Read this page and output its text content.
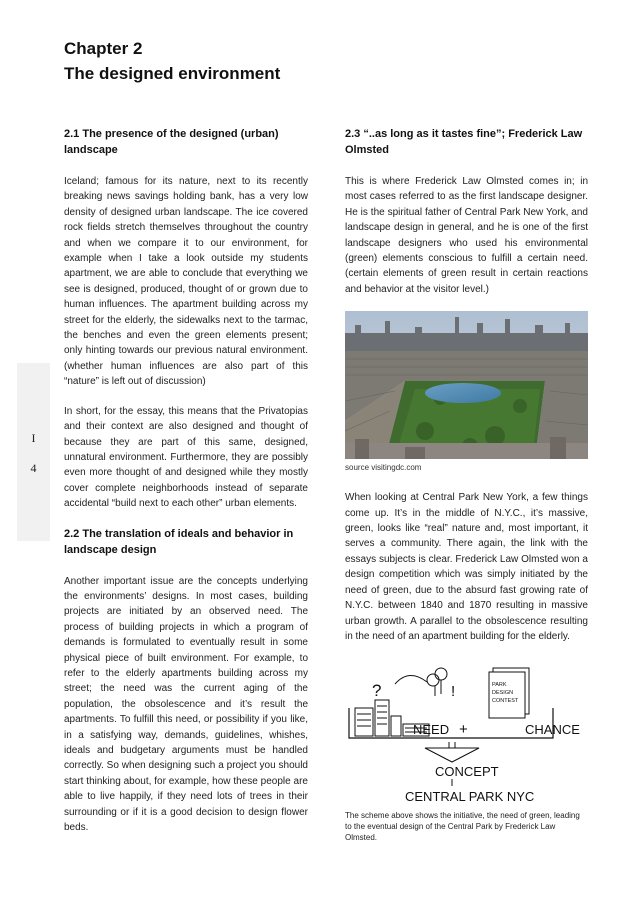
I
4
Chapter 2
The designed environment
2.1 The presence of the designed (urban) landscape

Iceland; famous for its nature, next to its recently breaking news savings holding bank, has a very low density of designed urban landscape. The ice covered rock fields stretch themselves throughout the country and when we compare it to our environment, for example when I take a look outside my students apartment, we are able to conclude that everything we see is designed, produced, thought of or grown due to human influences. The apartment building across my street for the elderly, the sidewalks next to the tarmac, the benches and even the green elements present; only hinting towards our previous natural environment. (whether human influences are also part of this “nature” is left out of discussion)

In short, for the essay, this means that the Privatopias and their context are also designed and thought of because they are part of this same, designed, unnatural environment. Furthermore, they are possibly even more thought of and designed while they mostly cover complete neighborhoods instead of separate accidental “build next to each other” urban elements.

2.2 The translation of ideals and behavior in landscape design

Another important issue are the concepts underlying the environments’ designs. In most cases, building projects are initiated by an observed need. The process of building projects in which a program of demands is formulated to eventually result in some physical piece of built environment. For example, to refer to the elderly apartments building across my street; the need was the current aging of the population, the obsolescence and it’s result the apartments. To fulfill this need, or possibility if you like, in a satisfying way, demands, guidelines, whishes, ideals and budgetary arguments must be handled correctly. So when designing such a project you should start thinking about, for example, how these people are able to live happily, if they need lots of trees in their surrounding or if it is a good decision to design flower beds.

2.3 “..as long as it tastes fine”; Frederick Law Olmsted

This is where Frederick Law Olmsted comes in; in most cases referred to as the first landscape designer. He is the spiritual father of Central Park New York, and landscape design in general, and he is one of the first landscape designers who used his environmental (green) elements conscious to fulfill a certain need. (certain elements of green result in certain reactions and behavior at the visitor level.)

source visitingdc.com

When looking at Central Park New York, a few things come up. It’s in the middle of N.Y.C., it’s massive, green, looks like “real” nature and, most important, it serves a community. There again, the link with the essays subjects is clear. Frederick Law Olmsted won a design competition which was simply initiated by the need of green, due to the absurd fast growing rate of N.Y.C. between 1840 and 1870 resulting in massive urban growth. A parallel to the obsolescence resulting in the need of an apartment building for the elderly.

?	!	PARK
DESIGN
CONTEST
NEED +	CHANCE
CONCEPT
CENTRAL PARK NYC

The scheme above shows the initiative, the need of green, leading to the eventual design of the Central Park by Frederick Law Olmsted.
